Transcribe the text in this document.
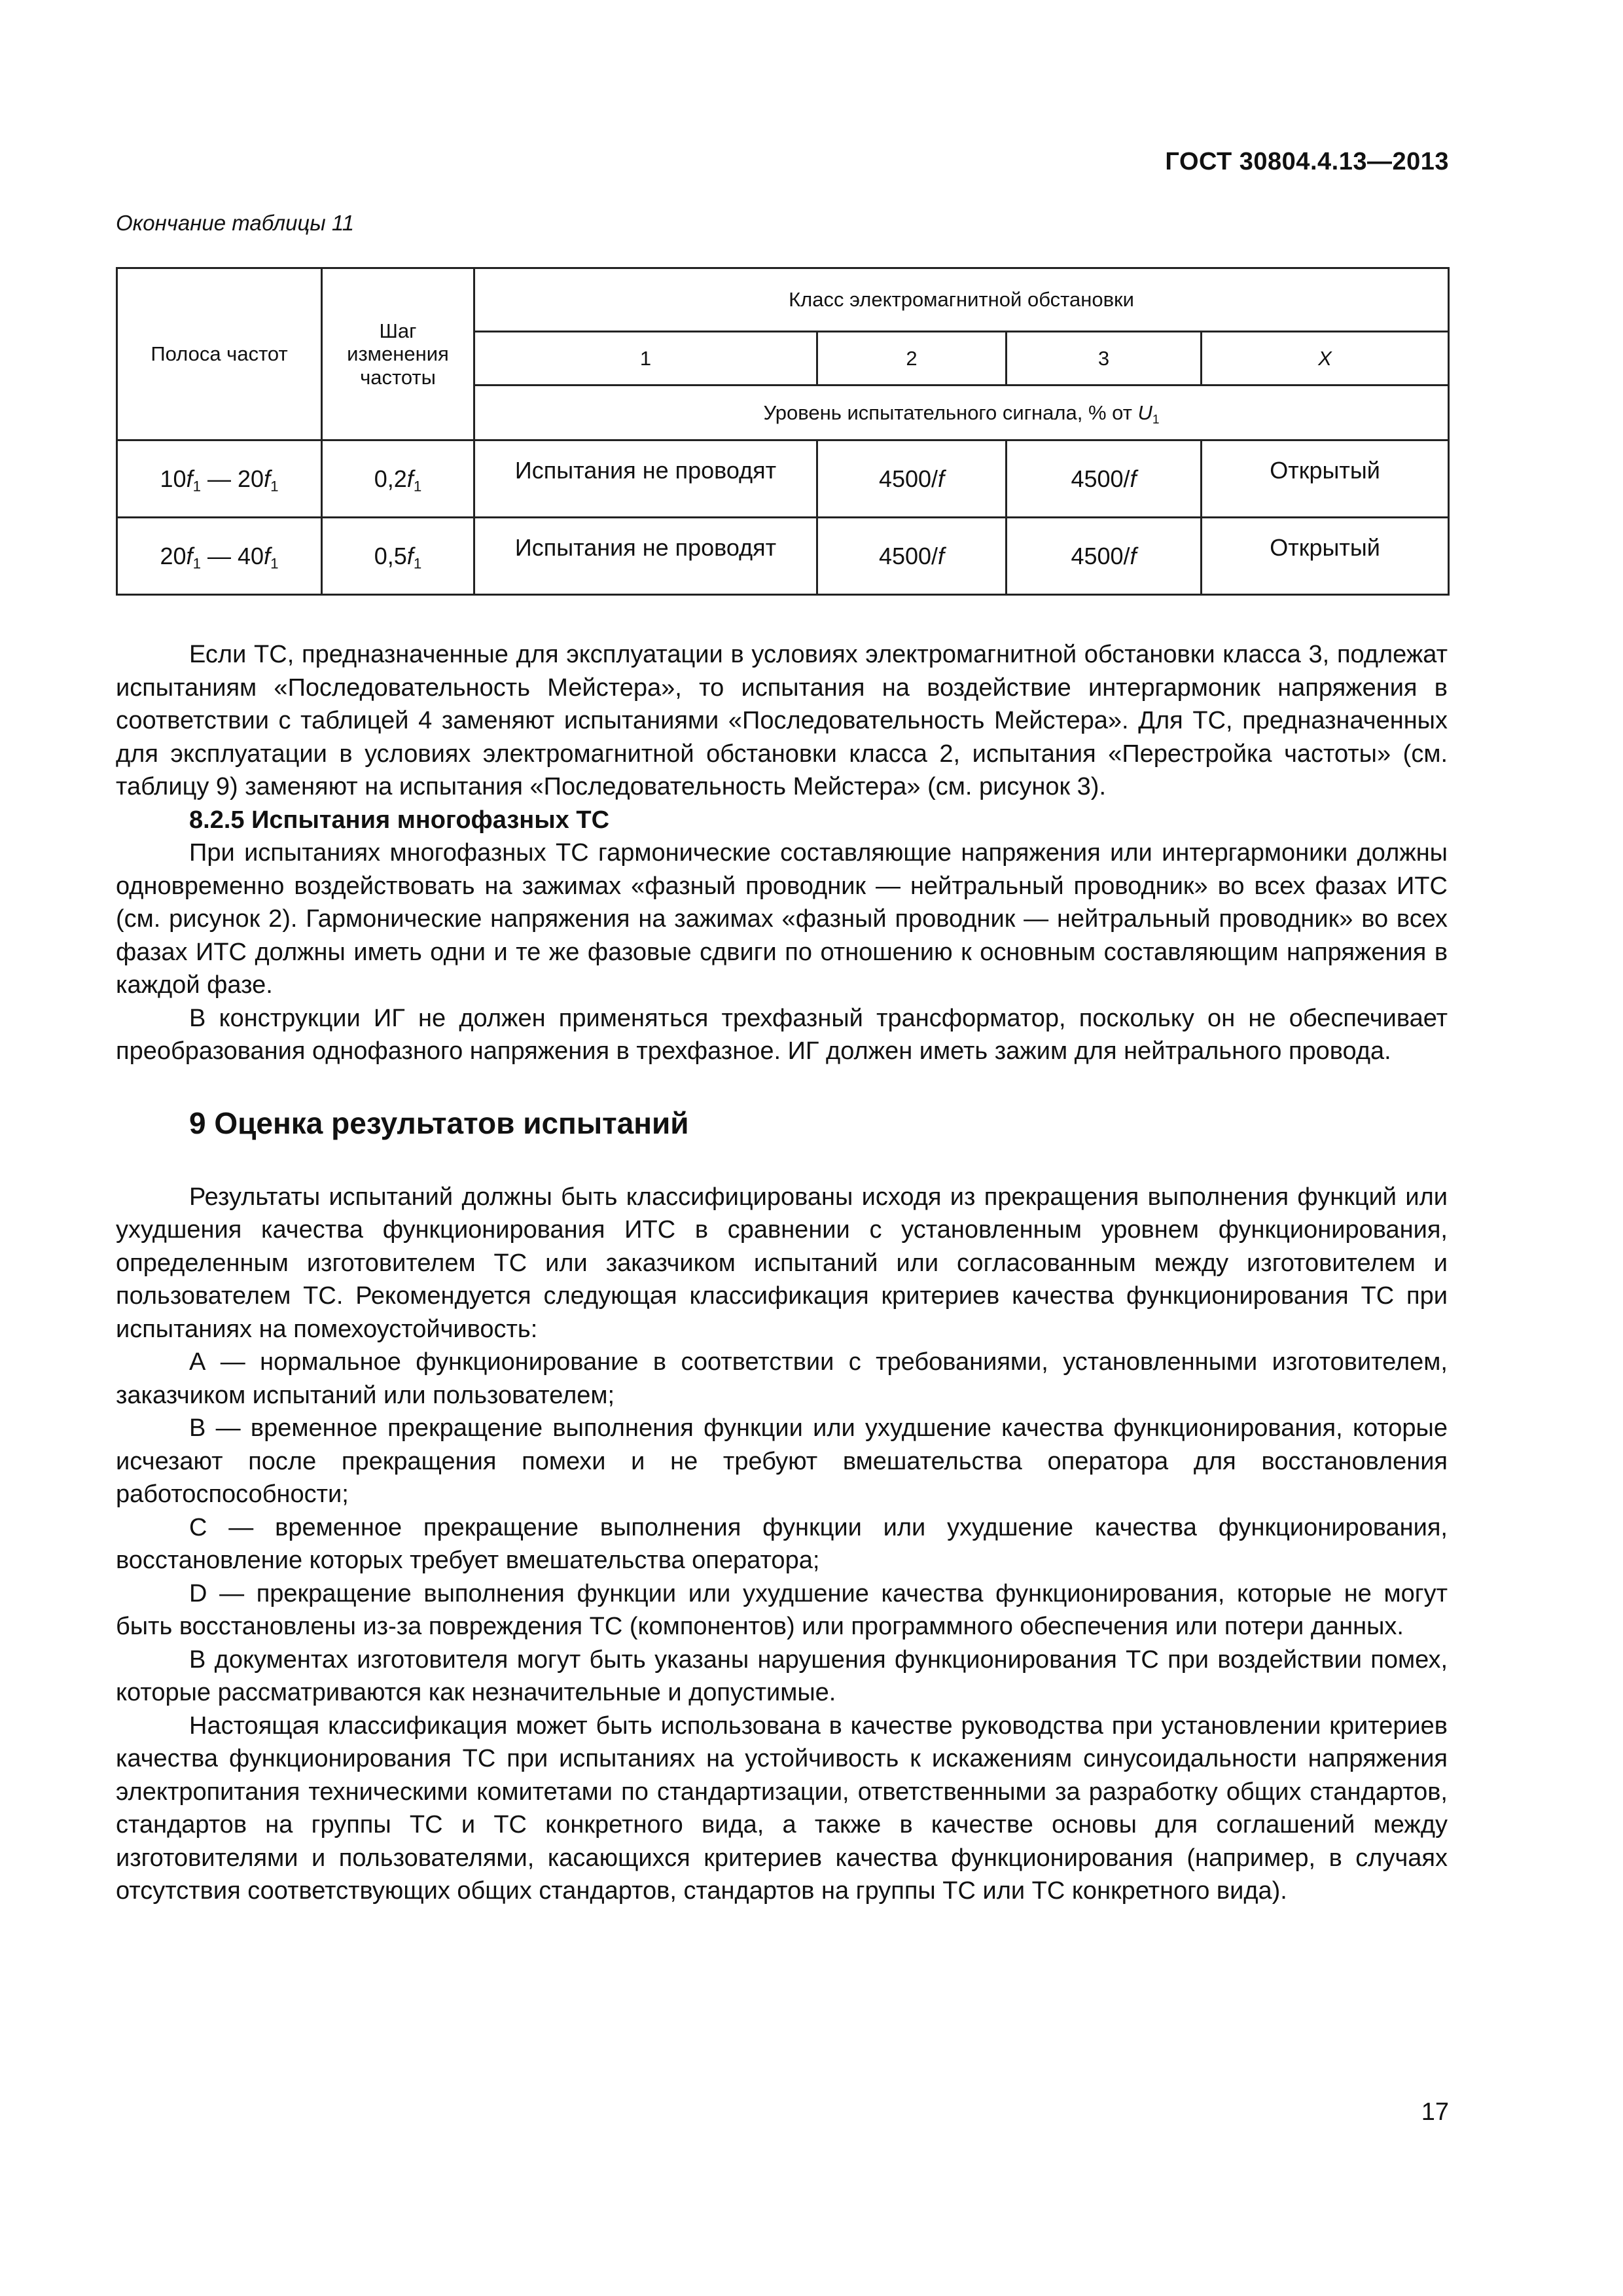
ГОСТ 30804.4.13—2013
Окончание таблицы 11
Полоса частот	Шаг изменения частоты	Класс электромагнитной обстановки			
		1	2	3	X
		Уровень испытательного сигнала, % от $U_1$
$10f_1$ — $20f_1$	$0,2f_1$	Испытания не проводят	4500/f	4500/f	Открытый
$20f_1$ — $40f_1$	$0,5f_1$	Испытания не проводят	4500/f	4500/f	Открытый

Если ТС, предназначенные для эксплуатации в условиях электромагнитной обстановки класса 3, подлежат испытаниям «Последовательность Мейстера», то испытания на воздействие интергармоник напряжения в соответствии с таблицей 4 заменяют испытаниями «Последовательность Мейстера». Для ТС, предназначенных для эксплуатации в условиях электромагнитной обстановки класса 2, испытания «Перестройка частоты» (см. таблицу 9) заменяют на испытания «Последовательность Мейстера» (см. рисунок 3).

8.2.5 Испытания многофазных ТС

При испытаниях многофазных ТС гармонические составляющие напряжения или интергармоники должны одновременно воздействовать на зажимах «фазный проводник — нейтральный проводник» во всех фазах ИТС (см. рисунок 2). Гармонические напряжения на зажимах «фазный проводник — нейтральный проводник» во всех фазах ИТС должны иметь одни и те же фазовые сдвиги по отношению к основным составляющим напряжения в каждой фазе.

В конструкции ИГ не должен применяться трехфазный трансформатор, поскольку он не обеспечивает преобразования однофазного напряжения в трехфазное. ИГ должен иметь зажим для нейтрального провода.

9 Оценка результатов испытаний

Результаты испытаний должны быть классифицированы исходя из прекращения выполнения функций или ухудшения качества функционирования ИТС в сравнении с установленным уровнем функционирования, определенным изготовителем ТС или заказчиком испытаний или согласованным между изготовителем и пользователем ТС. Рекомендуется следующая классификация критериев качества функционирования ТС при испытаниях на помехоустойчивость:

А — нормальное функционирование в соответствии с требованиями, установленными изготовителем, заказчиком испытаний или пользователем;

В — временное прекращение выполнения функции или ухудшение качества функционирования, которые исчезают после прекращения помехи и не требуют вмешательства оператора для восстановления работоспособности;

С — временное прекращение выполнения функции или ухудшение качества функционирования, восстановление которых требует вмешательства оператора;

D — прекращение выполнения функции или ухудшение качества функционирования, которые не могут быть восстановлены из-за повреждения ТС (компонентов) или программного обеспечения или потери данных.

В документах изготовителя могут быть указаны нарушения функционирования ТС при воздействии помех, которые рассматриваются как незначительные и допустимые.

Настоящая классификация может быть использована в качестве руководства при установлении критериев качества функционирования ТС при испытаниях на устойчивость к искажениям синусоидальности напряжения электропитания техническими комитетами по стандартизации, ответственными за разработку общих стандартов, стандартов на группы ТС и ТС конкретного вида, а также в качестве основы для соглашений между изготовителями и пользователями, касающихся критериев качества функционирования (например, в случаях отсутствия соответствующих общих стандартов, стандартов на группы ТС или ТС конкретного вида).

17
